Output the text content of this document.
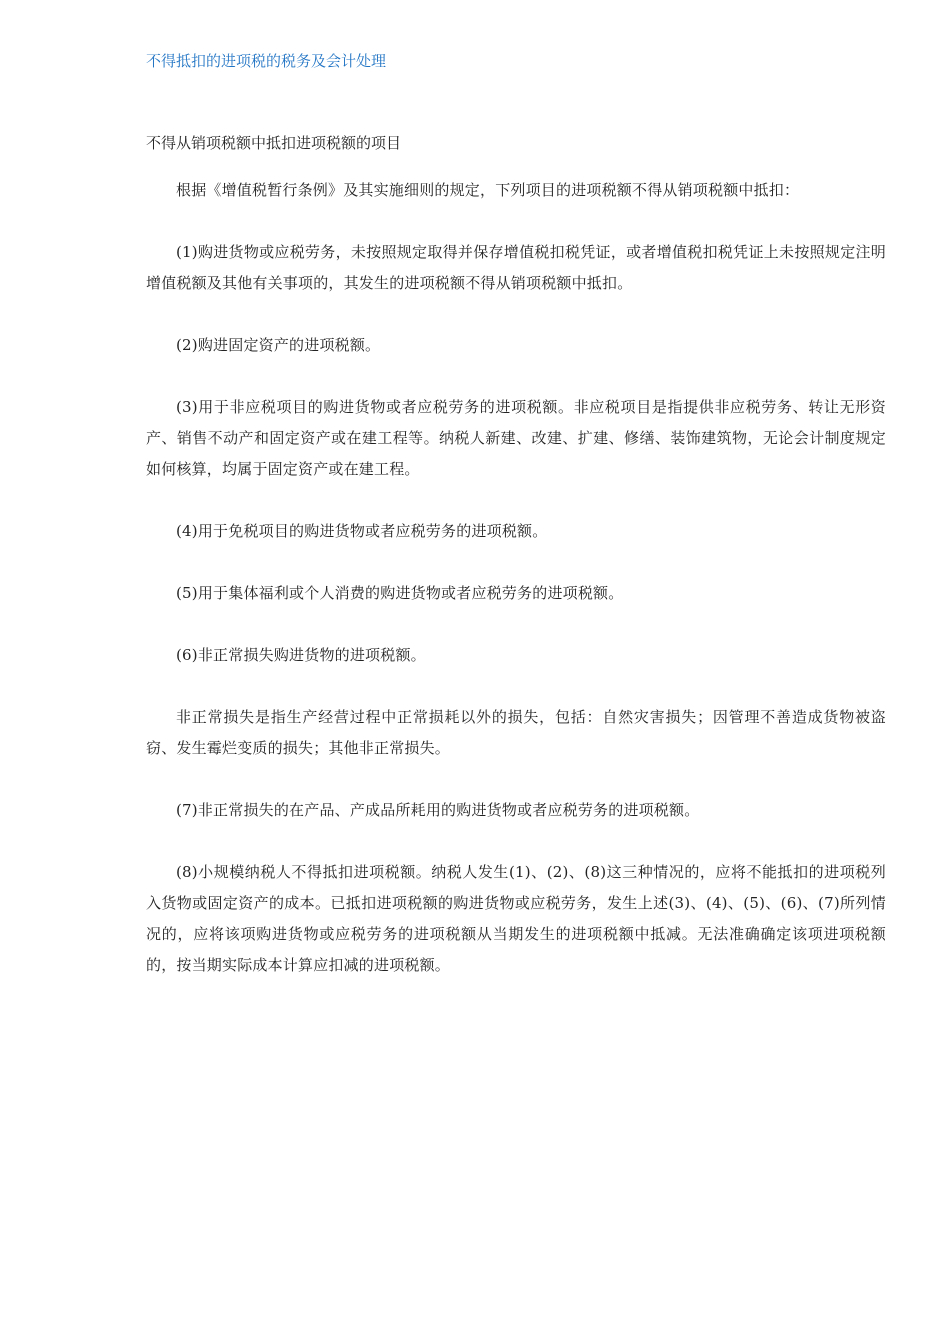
不得抵扣的进项税的税务及会计处理
不得从销项税额中抵扣进项税额的项目

根据《增值税暂行条例》及其实施细则的规定，下列项目的进项税额不得从销项税额中抵扣：

(1)购进货物或应税劳务，未按照规定取得并保存增值税扣税凭证，或者增值税扣税凭证上未按照规定注明增值税额及其他有关事项的，其发生的进项税额不得从销项税额中抵扣。

(2)购进固定资产的进项税额。

(3)用于非应税项目的购进货物或者应税劳务的进项税额。非应税项目是指提供非应税劳务、转让无形资产、销售不动产和固定资产或在建工程等。纳税人新建、改建、扩建、修缮、装饰建筑物，无论会计制度规定如何核算，均属于固定资产或在建工程。

(4)用于免税项目的购进货物或者应税劳务的进项税额。

(5)用于集体福利或个人消费的购进货物或者应税劳务的进项税额。

(6)非正常损失购进货物的进项税额。

非正常损失是指生产经营过程中正常损耗以外的损失，包括：自然灾害损失；因管理不善造成货物被盗窃、发生霉烂变质的损失；其他非正常损失。

(7)非正常损失的在产品、产成品所耗用的购进货物或者应税劳务的进项税额。

(8)小规模纳税人不得抵扣进项税额。纳税人发生(1)、(2)、(8)这三种情况的，应将不能抵扣的进项税列入货物或固定资产的成本。已抵扣进项税额的购进货物或应税劳务，发生上述(3)、(4)、(5)、(6)、(7)所列情况的，应将该项购进货物或应税劳务的进项税额从当期发生的进项税额中抵减。无法准确确定该项进项税额的，按当期实际成本计算应扣减的进项税额。
